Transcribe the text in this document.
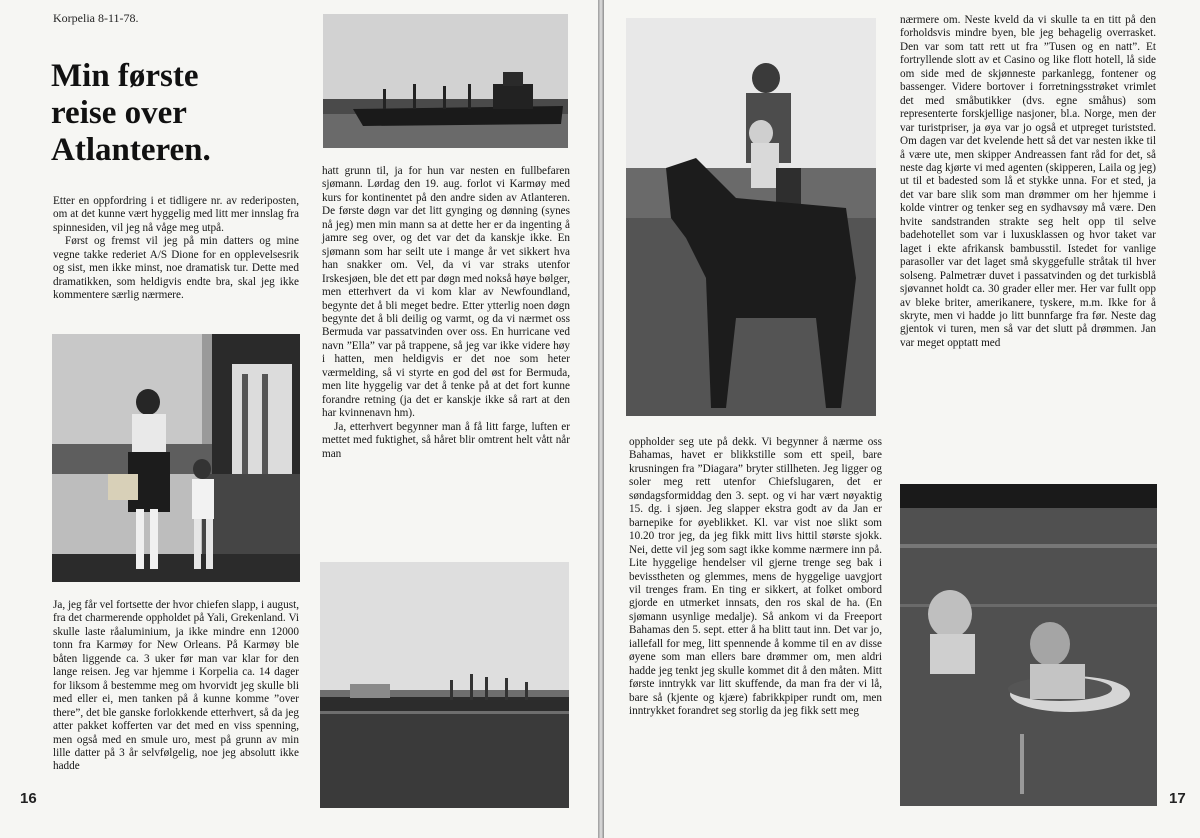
Korpelia 8-11-78.
Min første reise over Atlanteren.

Etter en oppfordring i et tidligere nr. av rederiposten, om at det kunne vært hyggelig med litt mer innslag fra spinnesiden, vil jeg nå våge meg utpå.

Først og fremst vil jeg på min datters og mine vegne takke rederiet A/S Dione for en opplevelsesrik og sist, men ikke minst, noe dramatisk tur. Dette med dramatikken, som heldigvis endte bra, skal jeg ikke kommentere særlig nærmere.

Ja, jeg får vel fortsette der hvor chiefen slapp, i august, fra det charmerende oppholdet på Yali, Grekenland. Vi skulle laste råaluminium, ja ikke mindre enn 12000 tonn fra Karmøy for New Orleans. På Karmøy ble båten liggende ca. 3 uker før man var klar for den lange reisen. Jeg var hjemme i Korpelia ca. 14 dager for liksom å bestemme meg om hvorvidt jeg skulle bli med eller ei, men tanken på å kunne komme ”over there”, det ble ganske forlokkende etterhvert, så da jeg atter pakket kofferten var det med en viss spenning, men også med en smule uro, mest på grunn av min lille datter på 3 år selvfølgelig, noe jeg absolutt ikke hadde

hatt grunn til, ja for hun var nesten en fullbefaren sjømann. Lørdag den 19. aug. forlot vi Karmøy med kurs for kontinentet på den andre siden av Atlanteren. De første døgn var det litt gynging og dønning (synes nå jeg) men min mann sa at dette her er da ingenting å jamre seg over, og det var det da kanskje ikke. En sjømann som har seilt ute i mange år vet sikkert hva han snakker om. Vel, da vi var straks utenfor Irskesjøen, ble det ett par døgn med nokså høye bølger, men etterhvert da vi kom klar av Newfoundland, begynte det å bli meget bedre. Etter ytterlig noen døgn begynte det å bli deilig og varmt, og da vi nærmet oss Bermuda var passatvinden over oss. En hurricane ved navn ”Ella” var på trappene, så jeg var ikke videre høy i hatten, men heldigvis er det noe som heter værmelding, så vi styrte en god del øst for Bermuda, men lite hyggelig var det å tenke på at det fort kunne forandre retning (ja det er kanskje ikke så rart at den har kvinnenavn hm).

Ja, etterhvert begynner man å få litt farge, luften er mettet med fuktighet, så håret blir omtrent helt vått når man

16

oppholder seg ute på dekk. Vi begynner å nærme oss Bahamas, havet er blikkstille som ett speil, bare krusningen fra ”Diagara” bryter stillheten. Jeg ligger og soler meg rett utenfor Chiefslugaren, det er søndagsformiddag den 3. sept. og vi har vært nøyaktig 15. dg. i sjøen. Jeg slapper ekstra godt av da Jan er barnepike for øyeblikket. Kl. var vist noe slikt som 10.20 tror jeg, da jeg fikk mitt livs hittil største sjokk. Nei, dette vil jeg som sagt ikke komme nærmere inn på. Lite hyggelige hendelser vil gjerne trenge seg bak i bevisstheten og glemmes, mens de hyggelige uavgjort vil trenges fram. En ting er sikkert, at folket ombord gjorde en utmerket innsats, den ros skal de ha. (En sjømann usynlige medalje). Så ankom vi da Freeport Bahamas den 5. sept. etter å ha blitt taut inn. Det var jo, iallefall for meg, litt spennende å komme til en av disse øyene som man ellers bare drømmer om, men aldri hadde jeg tenkt jeg skulle kommet dit å den måten. Mitt første inntrykk var litt skuffende, da man fra der vi lå, bare så (kjente og kjære) fabrikkpiper rundt om, men inntrykket forandret seg storlig da jeg fikk sett meg

nærmere om. Neste kveld da vi skulle ta en titt på den forholdsvis mindre byen, ble jeg behagelig overrasket. Den var som tatt rett ut fra ”Tusen og en natt”. Et fortryllende slott av et Casino og like flott hotell, lå side om side med de skjønneste parkanlegg, fontener og bassenger. Videre bortover i forretningsstrøket vrimlet det med småbutikker (dvs. egne småhus) som representerte forskjellige nasjoner, bl.a. Norge, men der var turistpriser, ja øya var jo også et utpreget turiststed. Om dagen var det kvelende hett så det var nesten ikke til å være ute, men skipper Andreassen fant råd for det, så neste dag kjørte vi med agenten (skipperen, Laila og jeg) ut til et badested som lå et stykke unna. For et sted, ja det var bare slik som man drømmer om her hjemme i kolde vintrer og tenker seg en sydhavsøy må være. Den hvite sandstranden strakte seg helt opp til selve badehotellet som var i luxusklassen og hvor taket var laget i ekte afrikansk bambusstil. Istedet for vanlige parasoller var det laget små skyggefulle stråtak til hver solseng. Palmetrær duvet i passatvinden og det turkisblå sjøvannet holdt ca. 30 grader eller mer. Her var fullt opp av bleke briter, amerikanere, tyskere, m.m. Ikke for å skryte, men vi hadde jo litt bunnfarge fra før. Neste dag gjentok vi turen, men så var det slutt på drømmen. Jan var meget opptatt med

17
